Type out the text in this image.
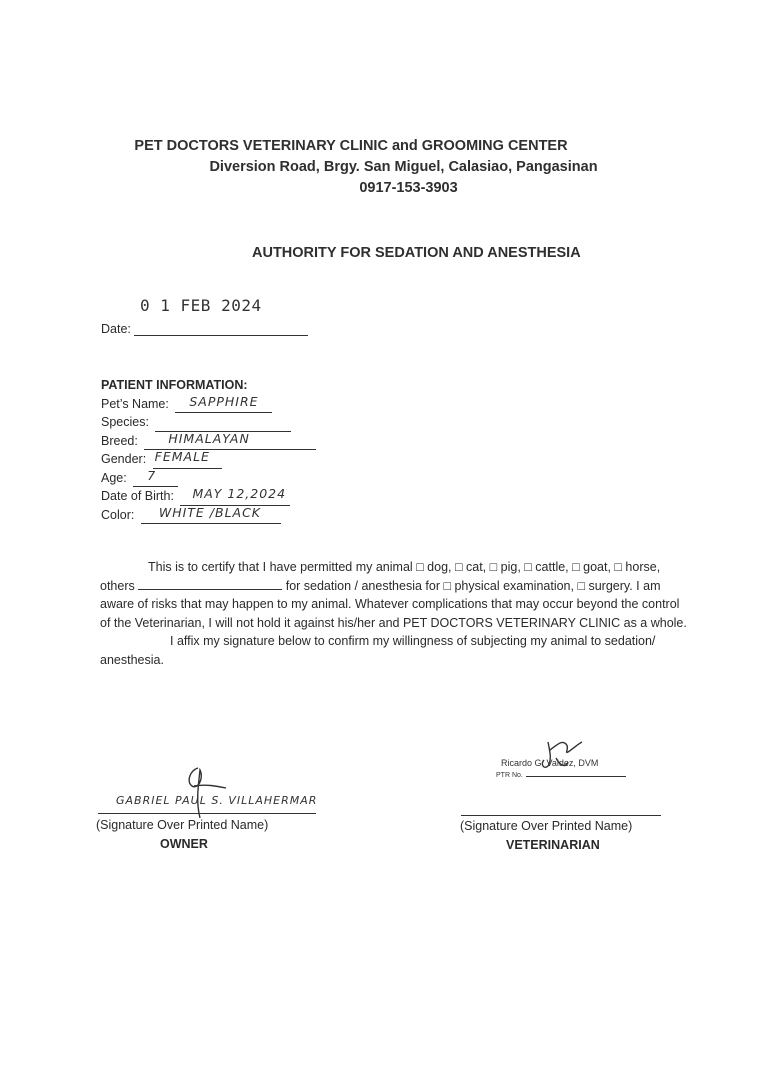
PET DOCTORS VETERINARY CLINIC and GROOMING CENTER
Diversion Road, Brgy. San Miguel, Calasiao, Pangasinan
0917-153-3903
AUTHORITY FOR SEDATION AND ANESTHESIA
0 1 FEB 2024
Date:
PATIENT INFORMATION:
Pet’s Name: SAPPHIRE
Species:
Breed: HIMALAYAN
Gender: FEMALE
Age: 7
Date of Birth: MAY 12,2024
Color: WHITE /BLACK

This is to certify that I have permitted my animal □ dog, □ cat, □ pig, □ cattle, □ goat, □ horse, others	for sedation / anesthesia for □ physical examination, □ surgery. I am aware of risks that may happen to my animal. Whatever complications that may occur beyond the control of the Veterinarian, I will not hold it against his/her and PET DOCTORS VETERINARY CLINIC as a whole.

I affix my signature below to confirm my willingness of subjecting my animal to sedation/ anesthesia.

GABRIEL PAUL S. VILLAHERMAR
(Signature Over Printed Name)
OWNER
Ricardo G. Valdez, DVM
PTR No.
(Signature Over Printed Name)
VETERINARIAN
